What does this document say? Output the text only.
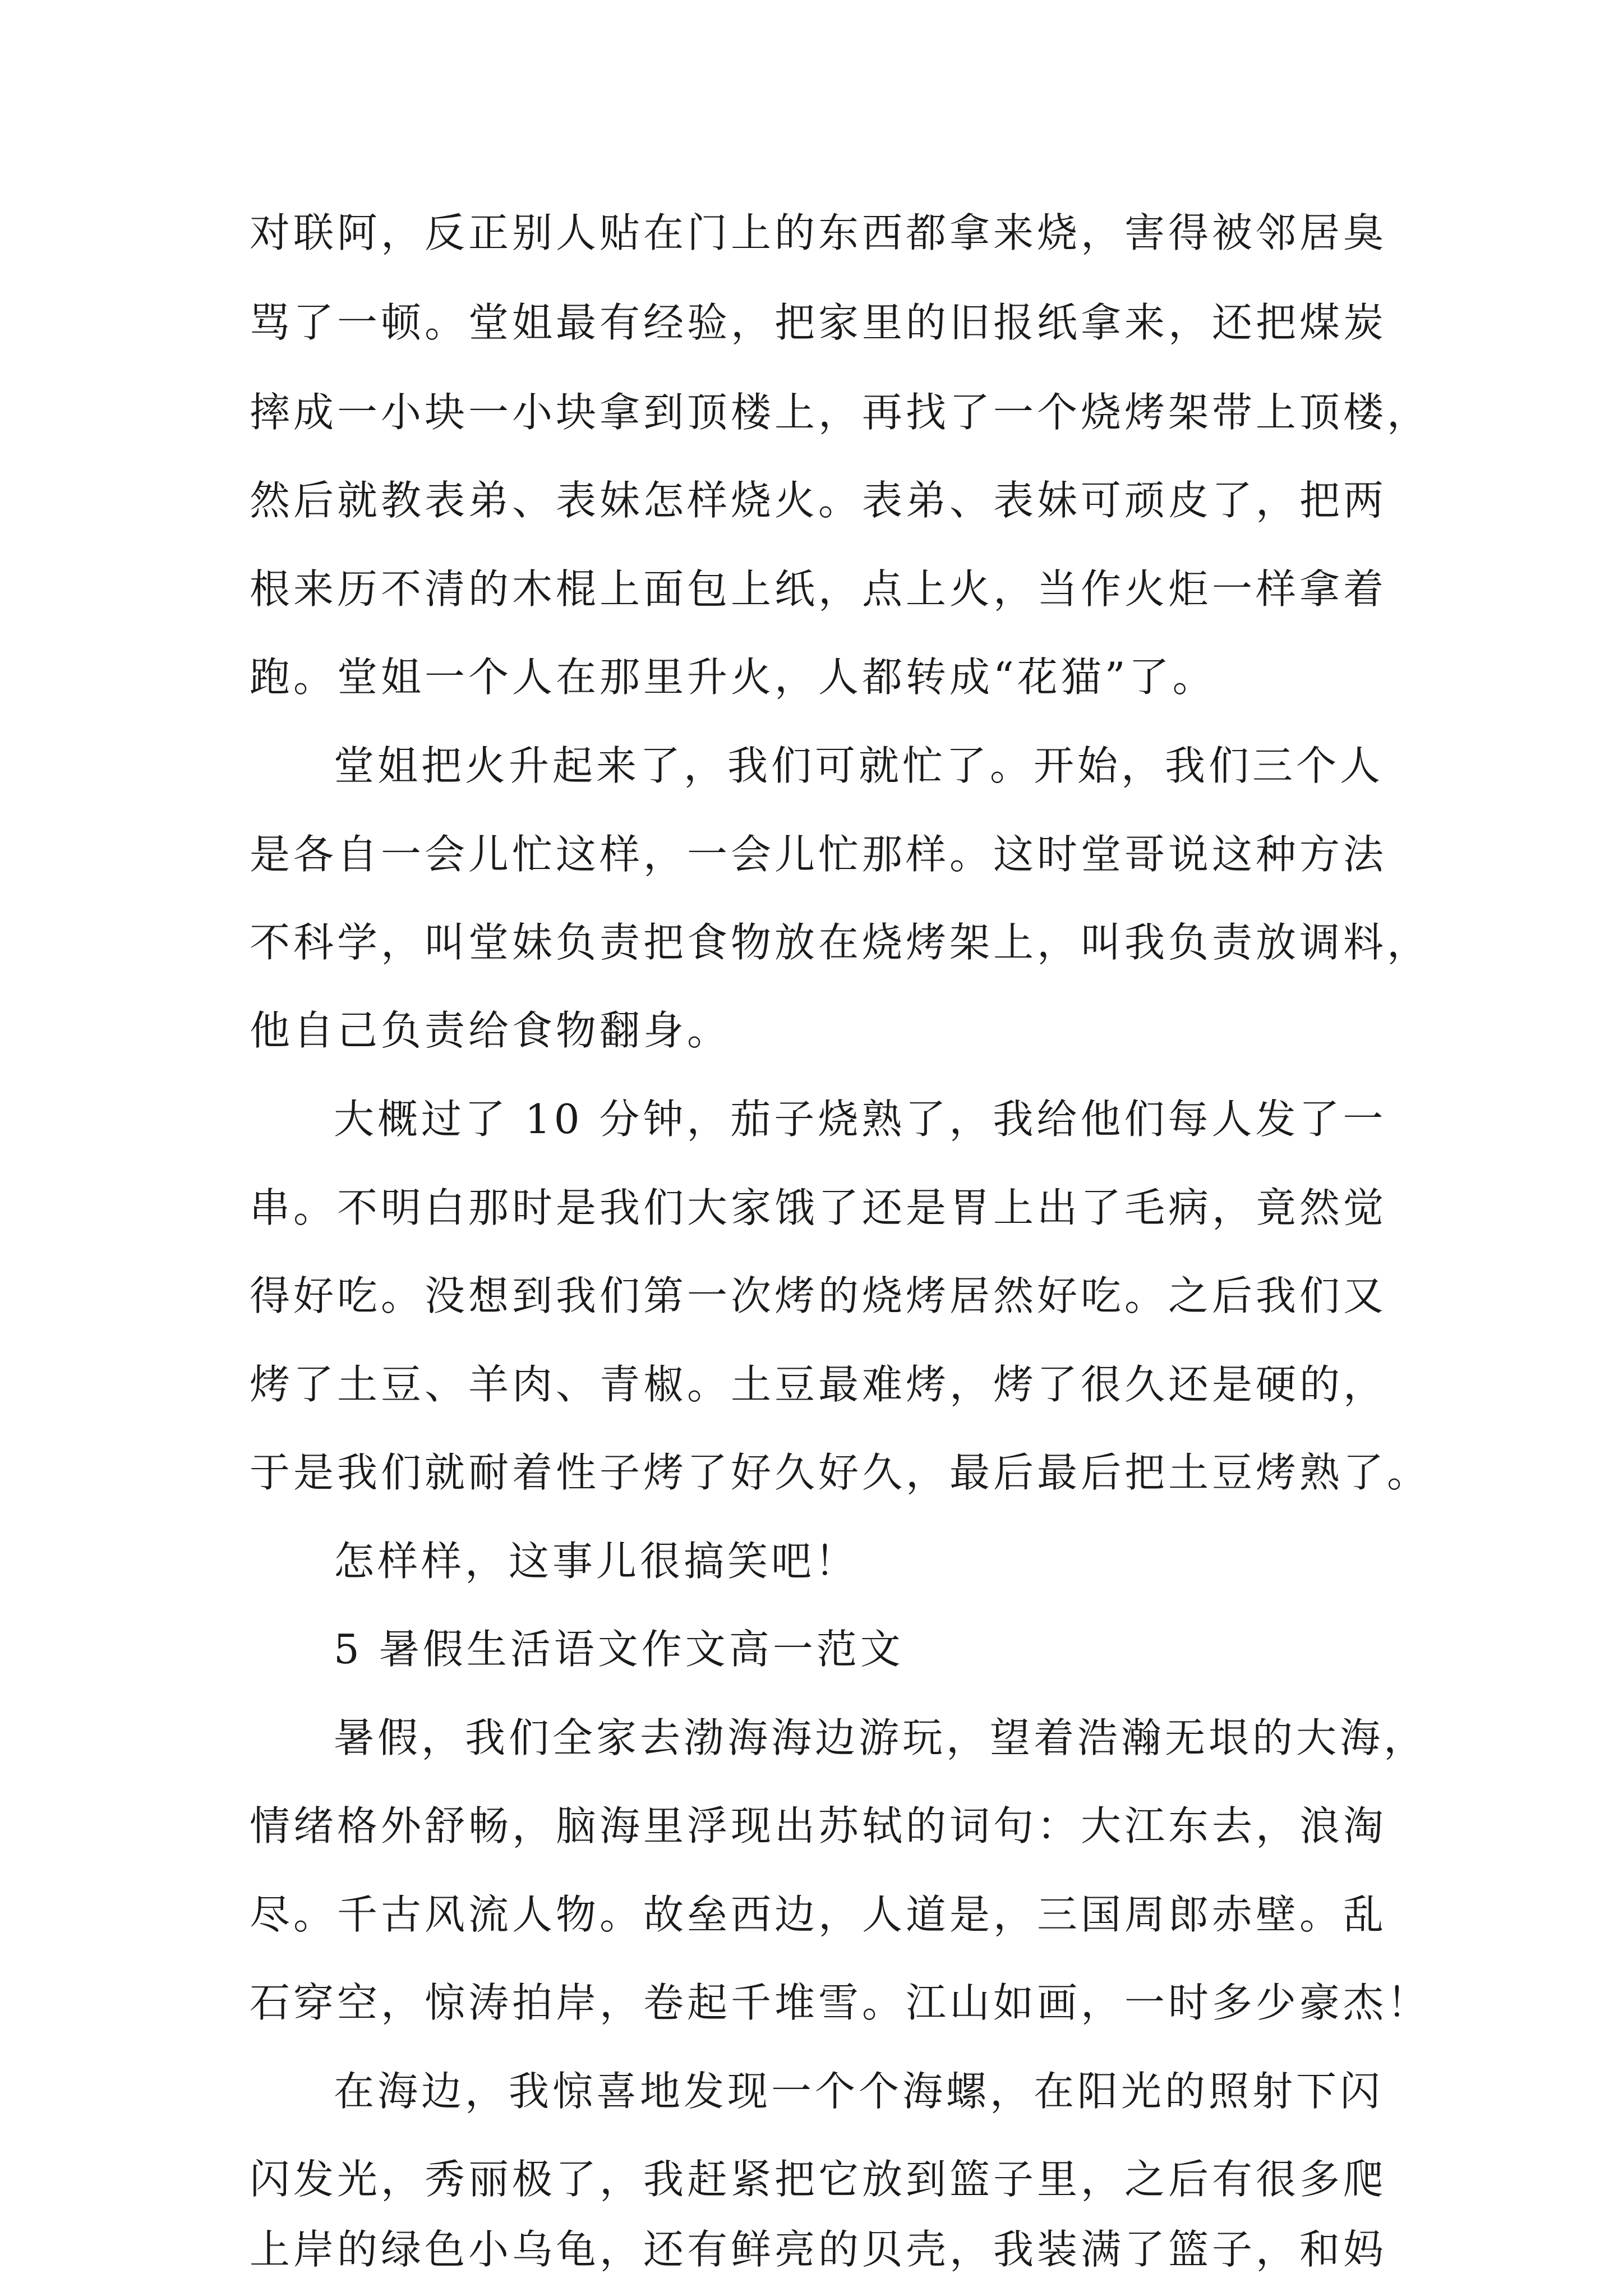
对联阿，反正别人贴在门上的东西都拿来烧，害得被邻居臭
骂了一顿。堂姐最有经验，把家里的旧报纸拿来，还把煤炭
摔成一小块一小块拿到顶楼上，再找了一个烧烤架带上顶楼，
然后就教表弟、表妹怎样烧火。表弟、表妹可顽皮了，把两
根来历不清的木棍上面包上纸，点上火，当作火炬一样拿着
跑。堂姐一个人在那里升火，人都转成“花猫”了。
堂姐把火升起来了，我们可就忙了。开始，我们三个人
是各自一会儿忙这样，一会儿忙那样。这时堂哥说这种方法
不科学，叫堂妹负责把食物放在烧烤架上，叫我负责放调料，
他自己负责给食物翻身。
大概过了 10 分钟，茄子烧熟了，我给他们每人发了一
串。不明白那时是我们大家饿了还是胃上出了毛病，竟然觉
得好吃。没想到我们第一次烤的烧烤居然好吃。之后我们又
烤了土豆、羊肉、青椒。土豆最难烤，烤了很久还是硬的，
于是我们就耐着性子烤了好久好久，最后最后把土豆烤熟了。
怎样样，这事儿很搞笑吧！
5 暑假生活语文作文高一范文
暑假，我们全家去渤海海边游玩，望着浩瀚无垠的大海，
情绪格外舒畅，脑海里浮现出苏轼的词句：大江东去，浪淘
尽。千古风流人物。故垒西边，人道是，三国周郎赤壁。乱
石穿空，惊涛拍岸，卷起千堆雪。江山如画，一时多少豪杰！
在海边，我惊喜地发现一个个海螺，在阳光的照射下闪
闪发光，秀丽极了，我赶紧把它放到篮子里，之后有很多爬
上岸的绿色小乌龟，还有鲜亮的贝壳，我装满了篮子，和妈
